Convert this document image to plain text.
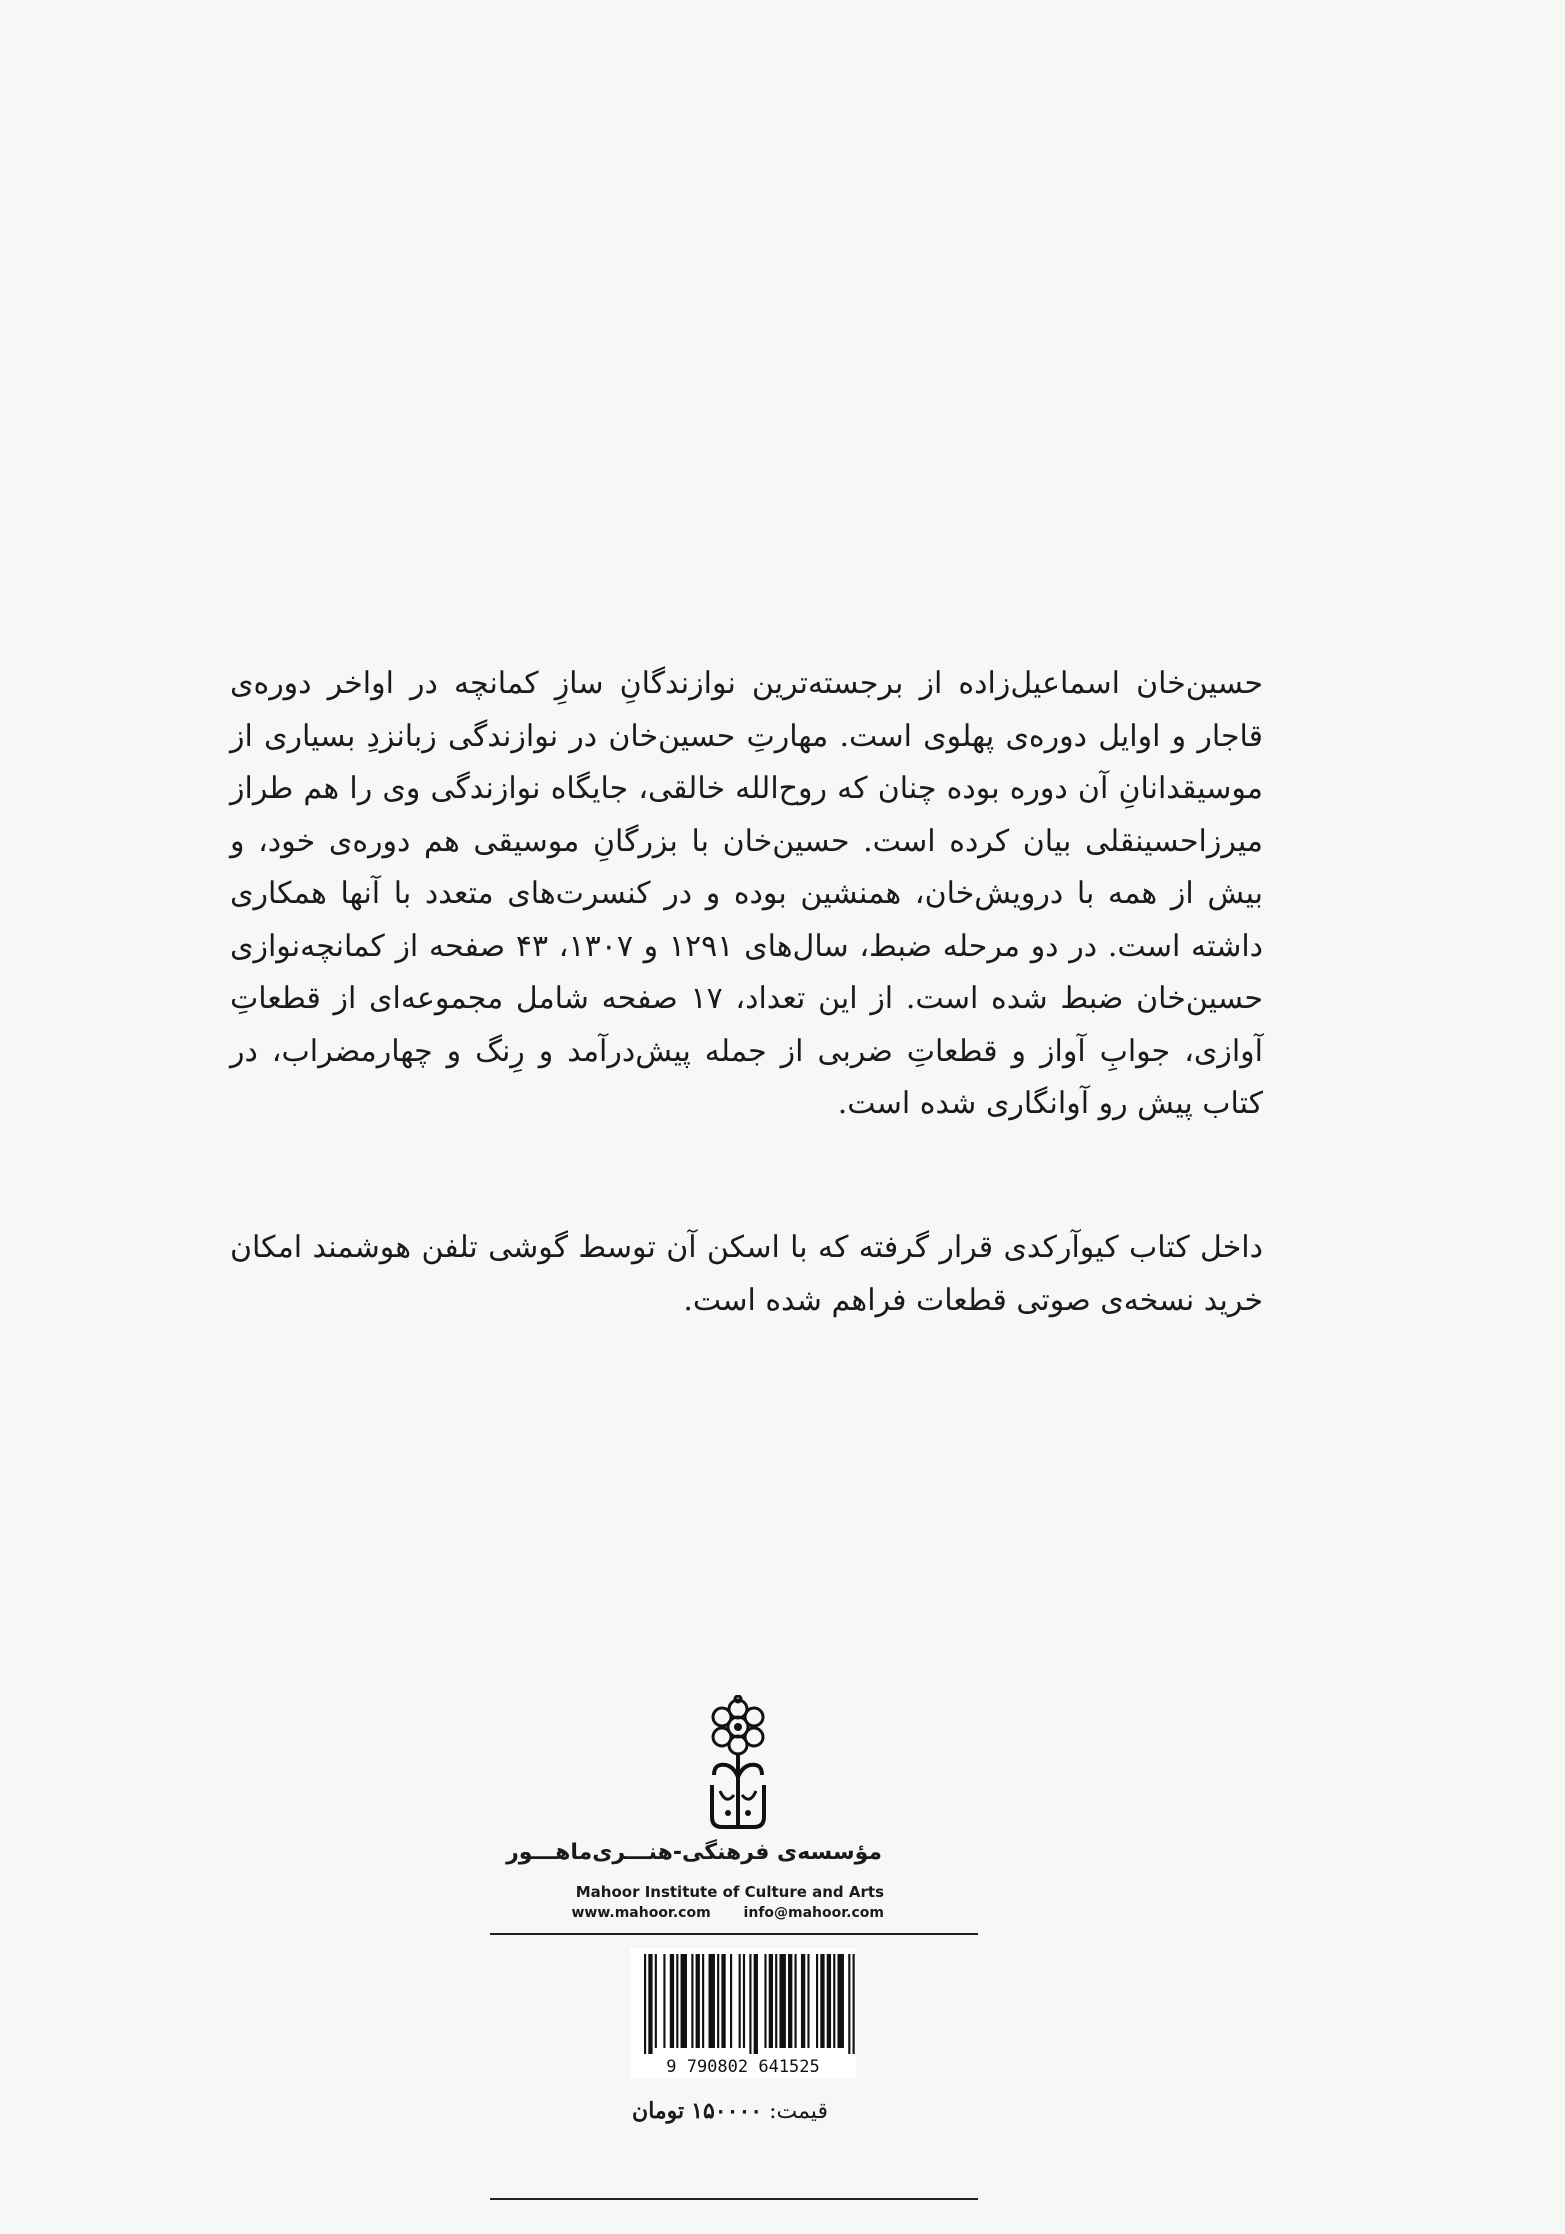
حسین‌خان اسماعیل‌زاده از برجسته‌ترین نوازندگانِ سازِ کمانچه در اواخر دوره‌ی قاجار و اوایل دوره‌ی پهلوی است. مهارتِ حسین‌خان در نوازندگی زبانزدِ بسیاری از موسیقدانانِ آن دوره بوده چنان که روح‌الله خالقی، جایگاه نوازندگی وی را هم طراز میرزاحسینقلی بیان کرده است. حسین‌خان با بزرگانِ موسیقی هم دوره‌ی خود، و بیش از همه با درویش‌خان، همنشین بوده و در کنسرت‌های متعدد با آنها همکاری داشته است. در دو مرحله ضبط، سال‌های ۱۲۹۱ و ۱۳۰۷، ۴۳ صفحه از کمانچه‌نوازی حسین‌خان ضبط شده است. از این تعداد، ۱۷ صفحه شامل مجموعه‌ای از قطعاتِ آوازی، جوابِ آواز و قطعاتِ ضربی از جمله پیش‌درآمد و رِنگ و چهارمضراب، در کتاب پیش رو آوانگاری شده است.

داخل کتاب کیوآرکدی قرار گرفته که با اسکن آن توسط گوشی تلفن هوشمند امکان خرید نسخه‌ی صوتی قطعات فراهم شده است.

مؤسسه‌ی فرهنگی-هنـــری‌ماهـــور
Mahoor Institute of Culture and Arts
www.mahoor.com info@mahoor.com
9 790802 641525
قیمت: ۱۵۰۰۰۰ تومان
